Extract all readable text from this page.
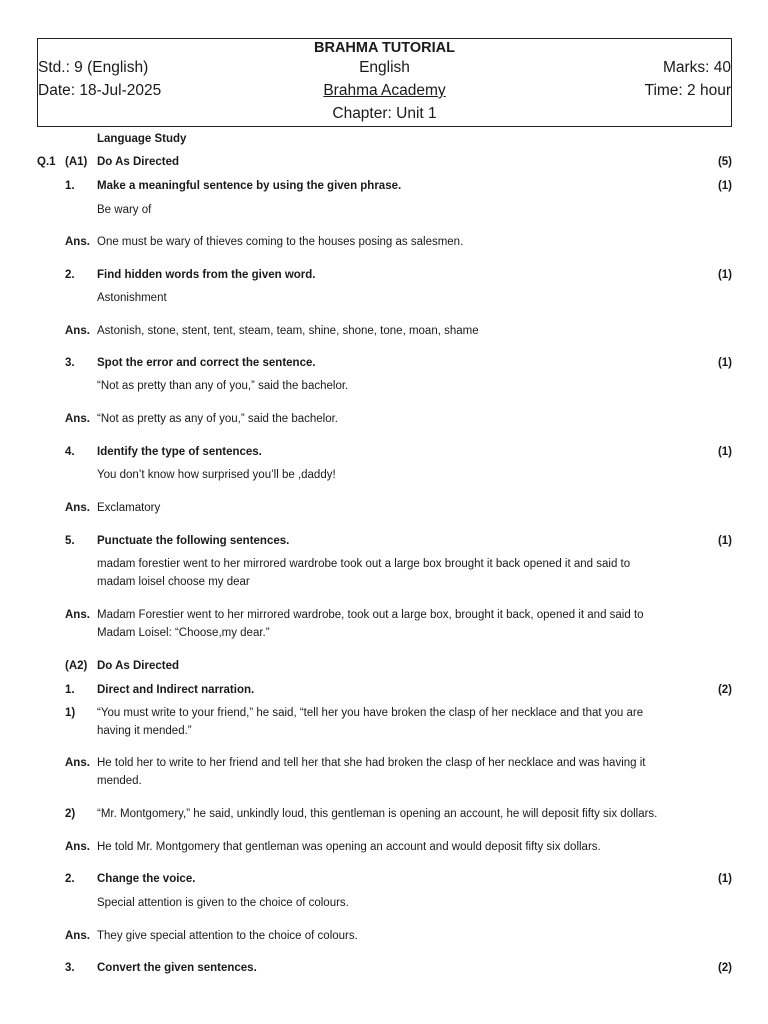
BRAHMA TUTORIAL
Std.: 9 (English)	English	Marks: 40
Date: 18-Jul-2025	Brahma Academy	Time: 2 hour
Chapter: Unit 1
Language Study
Q.1 (A1) Do As Directed	(5)
1. Make a meaningful sentence by using the given phrase.	(1)
Be wary of
Ans. One must be wary of thieves coming to the houses posing as salesmen.
2. Find hidden words from the given word.	(1)
Astonishment
Ans. Astonish, stone, stent, tent, steam, team, shine, shone, tone, moan, shame
3. Spot the error and correct the sentence.	(1)
“Not as pretty than any of you,” said the bachelor.
Ans. “Not as pretty as any of you,” said the bachelor.
4. Identify the type of sentences.	(1)
You don’t know how surprised you’ll be ,daddy!
Ans. Exclamatory
5. Punctuate the following sentences.	(1)
madam forestier went to her mirrored wardrobe took out a large box brought it back opened it and said to
madam loisel choose my dear
Ans. Madam Forestier went to her mirrored wardrobe, took out a large box, brought it back, opened it and said to
Madam Loisel: “Choose,my dear.”
(A2) Do As Directed
1. Direct and Indirect narration.	(2)
1) “You must write to your friend,” he said, “tell her you have broken the clasp of her necklace and that you are
having it mended.”
Ans. He told her to write to her friend and tell her that she had broken the clasp of her necklace and was having it
mended.
2) “Mr. Montgomery,” he said, unkindly loud, this gentleman is opening an account, he will deposit fifty six dollars.
Ans. He told Mr. Montgomery that gentleman was opening an account and would deposit fifty six dollars.
2. Change the voice.	(1)
Special attention is given to the choice of colours.
Ans. They give special attention to the choice of colours.
3. Convert the given sentences.	(2)
